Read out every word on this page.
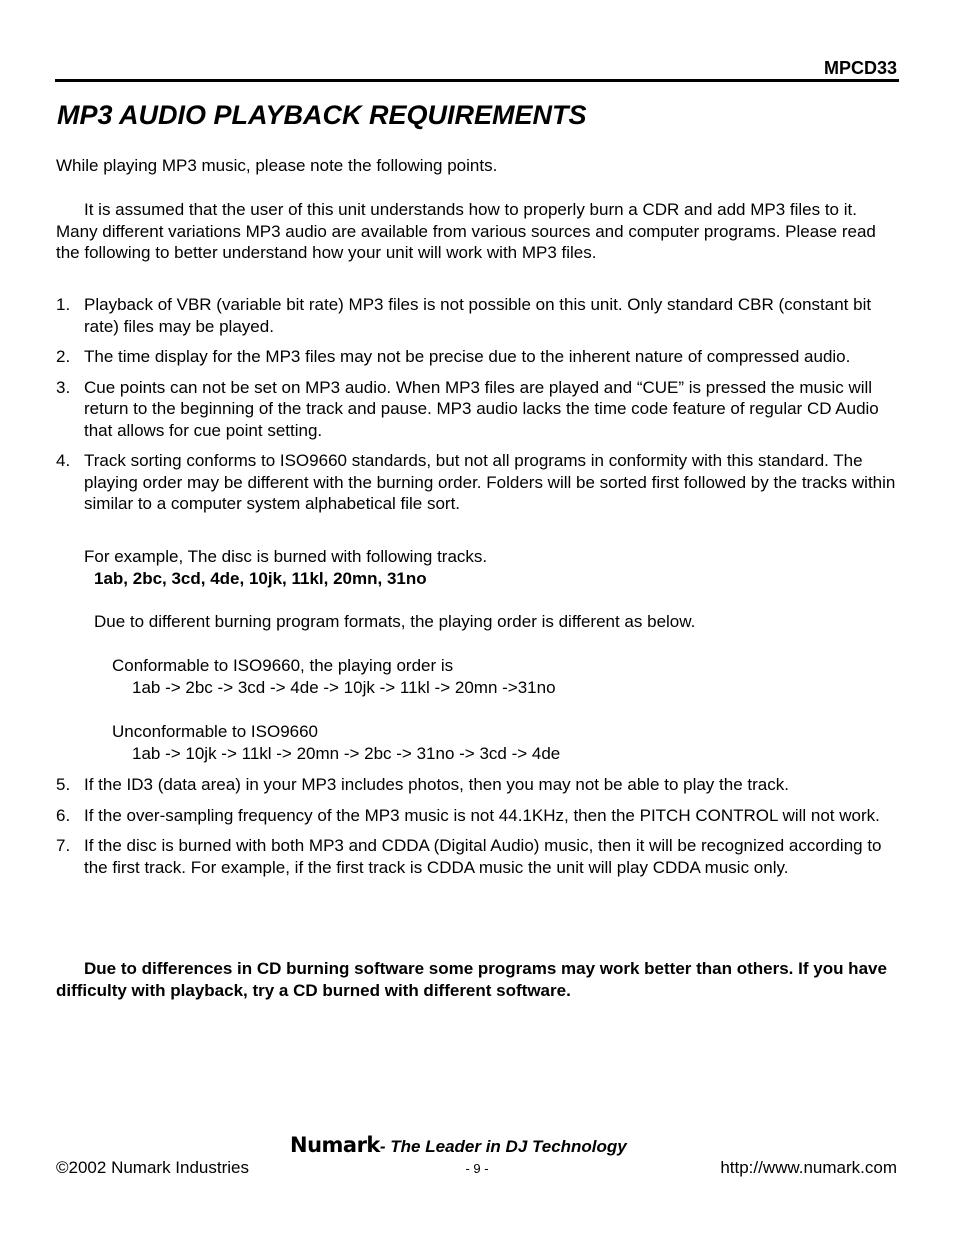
MPCD33
MP3 AUDIO PLAYBACK REQUIREMENTS

While playing MP3 music, please note the following points.

It is assumed that the user of this unit understands how to properly burn a CDR and add MP3 files to it. Many different variations MP3 audio are available from various sources and computer programs. Please read the following to better understand how your unit will work with MP3 files.

1. Playback of VBR (variable bit rate) MP3 files is not possible on this unit. Only standard CBR (constant bit rate) files may be played.
2. The time display for the MP3 files may not be precise due to the inherent nature of compressed audio.
3. Cue points can not be set on MP3 audio. When MP3 files are played and “CUE” is pressed the music will return to the beginning of the track and pause. MP3 audio lacks the time code feature of regular CD Audio that allows for cue point setting.
4. Track sorting conforms to ISO9660 standards, but not all programs in conformity with this standard. The playing order may be different with the burning order. Folders will be sorted first followed by the tracks within similar to a computer system alphabetical file sort.
For example, The disc is burned with following tracks.
1ab, 2bc, 3cd, 4de, 10jk, 11kl, 20mn, 31no
Due to different burning program formats, the playing order is different as below.
Conformable to ISO9660, the playing order is
1ab -> 2bc -> 3cd -> 4de -> 10jk -> 11kl -> 20mn ->31no
Unconformable to ISO9660
1ab -> 10jk -> 11kl -> 20mn -> 2bc -> 31no -> 3cd -> 4de
5. If the ID3 (data area) in your MP3 includes photos, then you may not be able to play the track.
6. If the over-sampling frequency of the MP3 music is not 44.1KHz, then the PITCH CONTROL will not work.
7. If the disc is burned with both MP3 and CDDA (Digital Audio) music, then it will be recognized according to the first track. For example, if the first track is CDDA music the unit will play CDDA music only.

Due to differences in CD burning software some programs may work better than others. If you have difficulty with playback, try a CD burned with different software.

Numark- The Leader in DJ Technology
©2002 Numark Industries	- 9 -	http://www.numark.com
